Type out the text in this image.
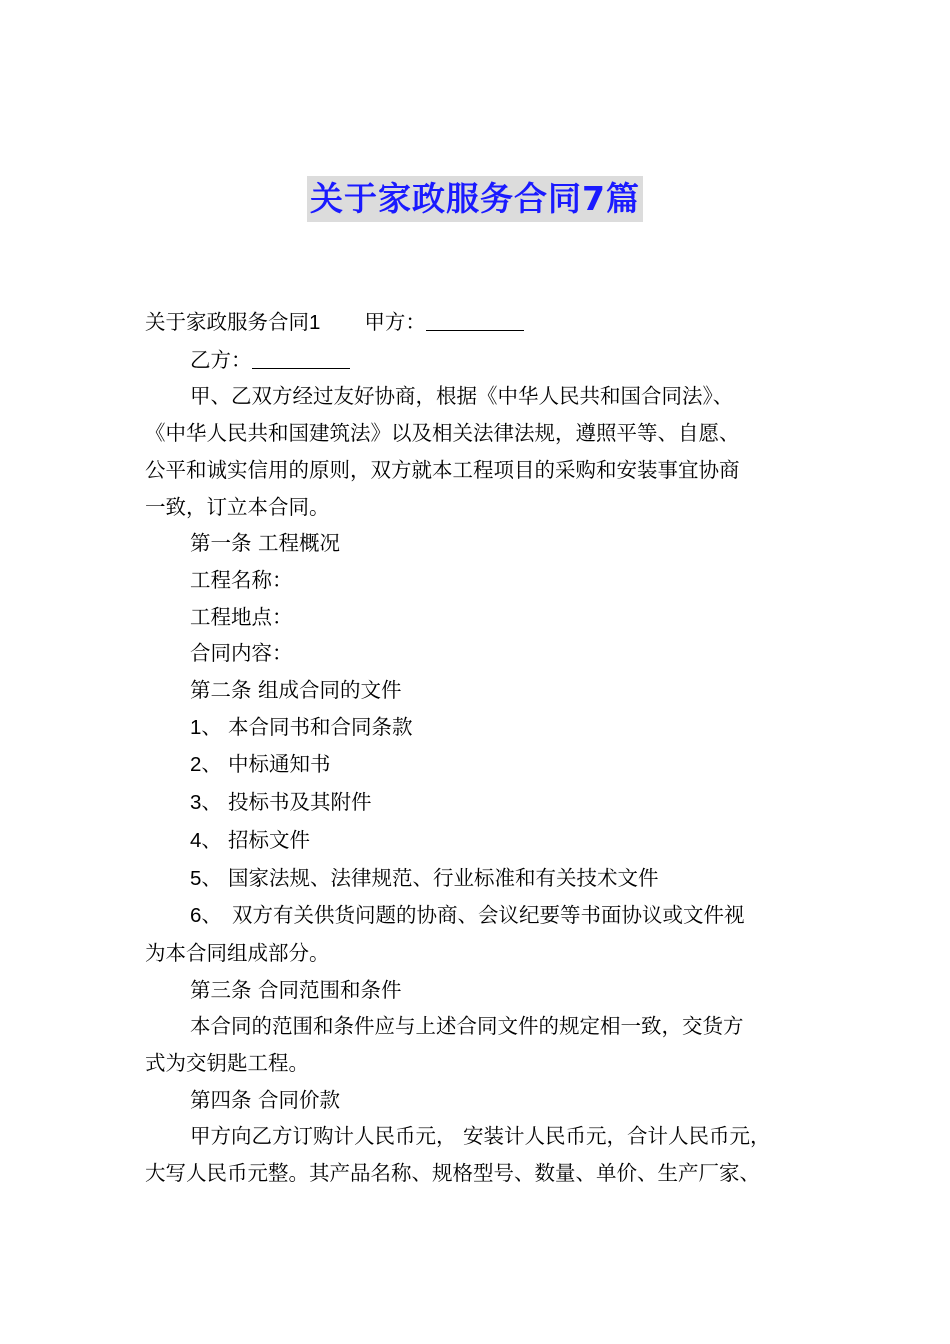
关于家政服务合同7篇

关于家政服务合同1 甲方：

乙方：

甲、乙双方经过友好协商，根据《中华人民共和国合同法》、

《中华人民共和国建筑法》以及相关法律法规，遵照平等、自愿、

公平和诚实信用的原则，双方就本工程项目的采购和安装事宜协商

一致，订立本合同。

第一条 工程概况

工程名称：

工程地点：

合同内容：

第二条 组成合同的文件

1、 本合同书和合同条款

2、 中标通知书

3、 投标书及其附件

4、 招标文件

5、 国家法规、法律规范、行业标准和有关技术文件

6、 双方有关供货问题的协商、会议纪要等书面协议或文件视

为本合同组成部分。

第三条 合同范围和条件

本合同的范围和条件应与上述合同文件的规定相一致，交货方

式为交钥匙工程。

第四条 合同价款

甲方向乙方订购计人民币元， 安装计人民币元，合计人民币元，

大写人民币元整。其产品名称、规格型号、数量、单价、生产厂家、
